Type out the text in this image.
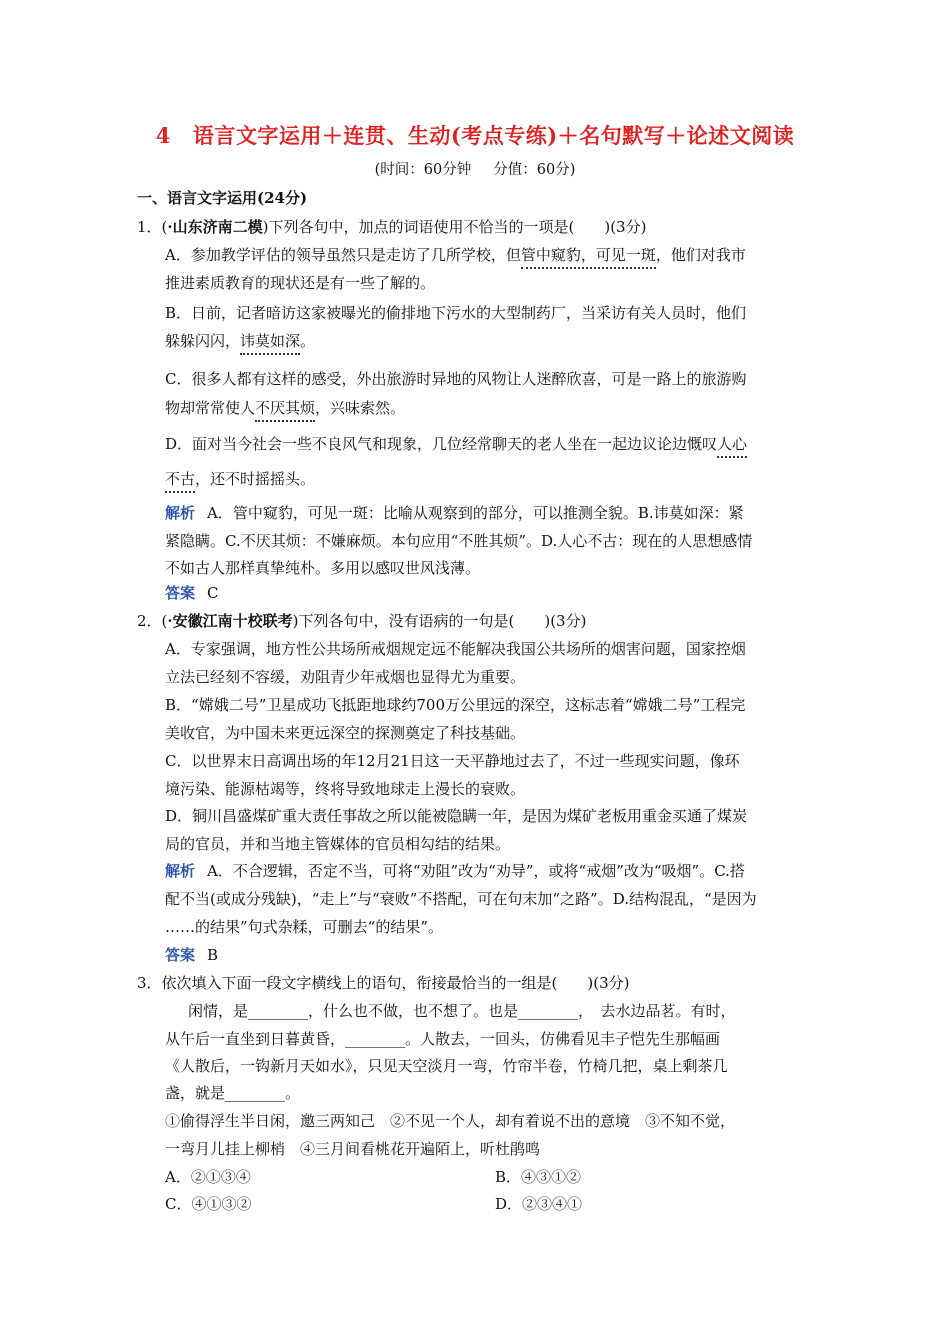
4 语言文字运用＋连贯、生动(考点专练)＋名句默写＋论述文阅读
(时间：60分钟 分值：60分)
一、语言文字运用(24分)
1．(·山东济南二模)下列各句中，加点的词语使用不恰当的一项是(　　)(3分)
A．参加教学评估的领导虽然只是走访了几所学校，但管中窥豹，可见一斑，他们对我市
推进素质教育的现状还是有一些了解的。
B．日前，记者暗访这家被曝光的偷排地下污水的大型制药厂，当采访有关人员时，他们
躲躲闪闪，讳莫如深。
C．很多人都有这样的感受，外出旅游时异地的风物让人迷醉欣喜，可是一路上的旅游购
物却常常使人不厌其烦，兴味索然。
D．面对当今社会一些不良风气和现象，几位经常聊天的老人坐在一起边议论边慨叹人心
不古，还不时摇摇头。
解析 A．管中窥豹，可见一斑：比喻从观察到的部分，可以推测全貌。B.讳莫如深：紧
紧隐瞒。C.不厌其烦：不嫌麻烦。本句应用“不胜其烦”。D.人心不古：现在的人思想感情
不如古人那样真挚纯朴。多用以感叹世风浅薄。
答案 C
2．(·安徽江南十校联考)下列各句中，没有语病的一句是(　　)(3分)
A．专家强调，地方性公共场所戒烟规定远不能解决我国公共场所的烟害问题，国家控烟
立法已经刻不容缓，劝阻青少年戒烟也显得尤为重要。
B．“嫦娥二号”卫星成功飞抵距地球约700万公里远的深空，这标志着“嫦娥二号”工程完
美收官，为中国未来更远深空的探测奠定了科技基础。
C．以世界末日高调出场的年12月21日这一天平静地过去了，不过一些现实问题，像环
境污染、能源枯竭等，终将导致地球走上漫长的衰败。
D．铜川昌盛煤矿重大责任事故之所以能被隐瞒一年，是因为煤矿老板用重金买通了煤炭
局的官员，并和当地主管媒体的官员相勾结的结果。
解析 A．不合逻辑，否定不当，可将“劝阻”改为“劝导”，或将“戒烟”改为“吸烟”。C.搭
配不当(或成分残缺)，“走上”与“衰败”不搭配，可在句末加“之路”。D.结构混乱，“是因为
……的结果”句式杂糅，可删去“的结果”。
答案 B
3．依次填入下面一段文字横线上的语句，衔接最恰当的一组是(　　)(3分)
闲情，是________，什么也不做，也不想了。也是________，　去水边品茗。有时，
从午后一直坐到日暮黄昏，________。人散去，一回头，仿佛看见丰子恺先生那幅画
《人散后，一钩新月天如水》，只见天空淡月一弯，竹帘半卷，竹椅几把，桌上剩茶几
盏，就是________。
①偷得浮生半日闲，邀三两知己　②不见一个人，却有着说不出的意境　③不知不觉，
一弯月儿挂上柳梢　④三月间看桃花开遍陌上，听杜鹃鸣
A．②①③④	B．④③①②
C．④①③②	D．②③④①
